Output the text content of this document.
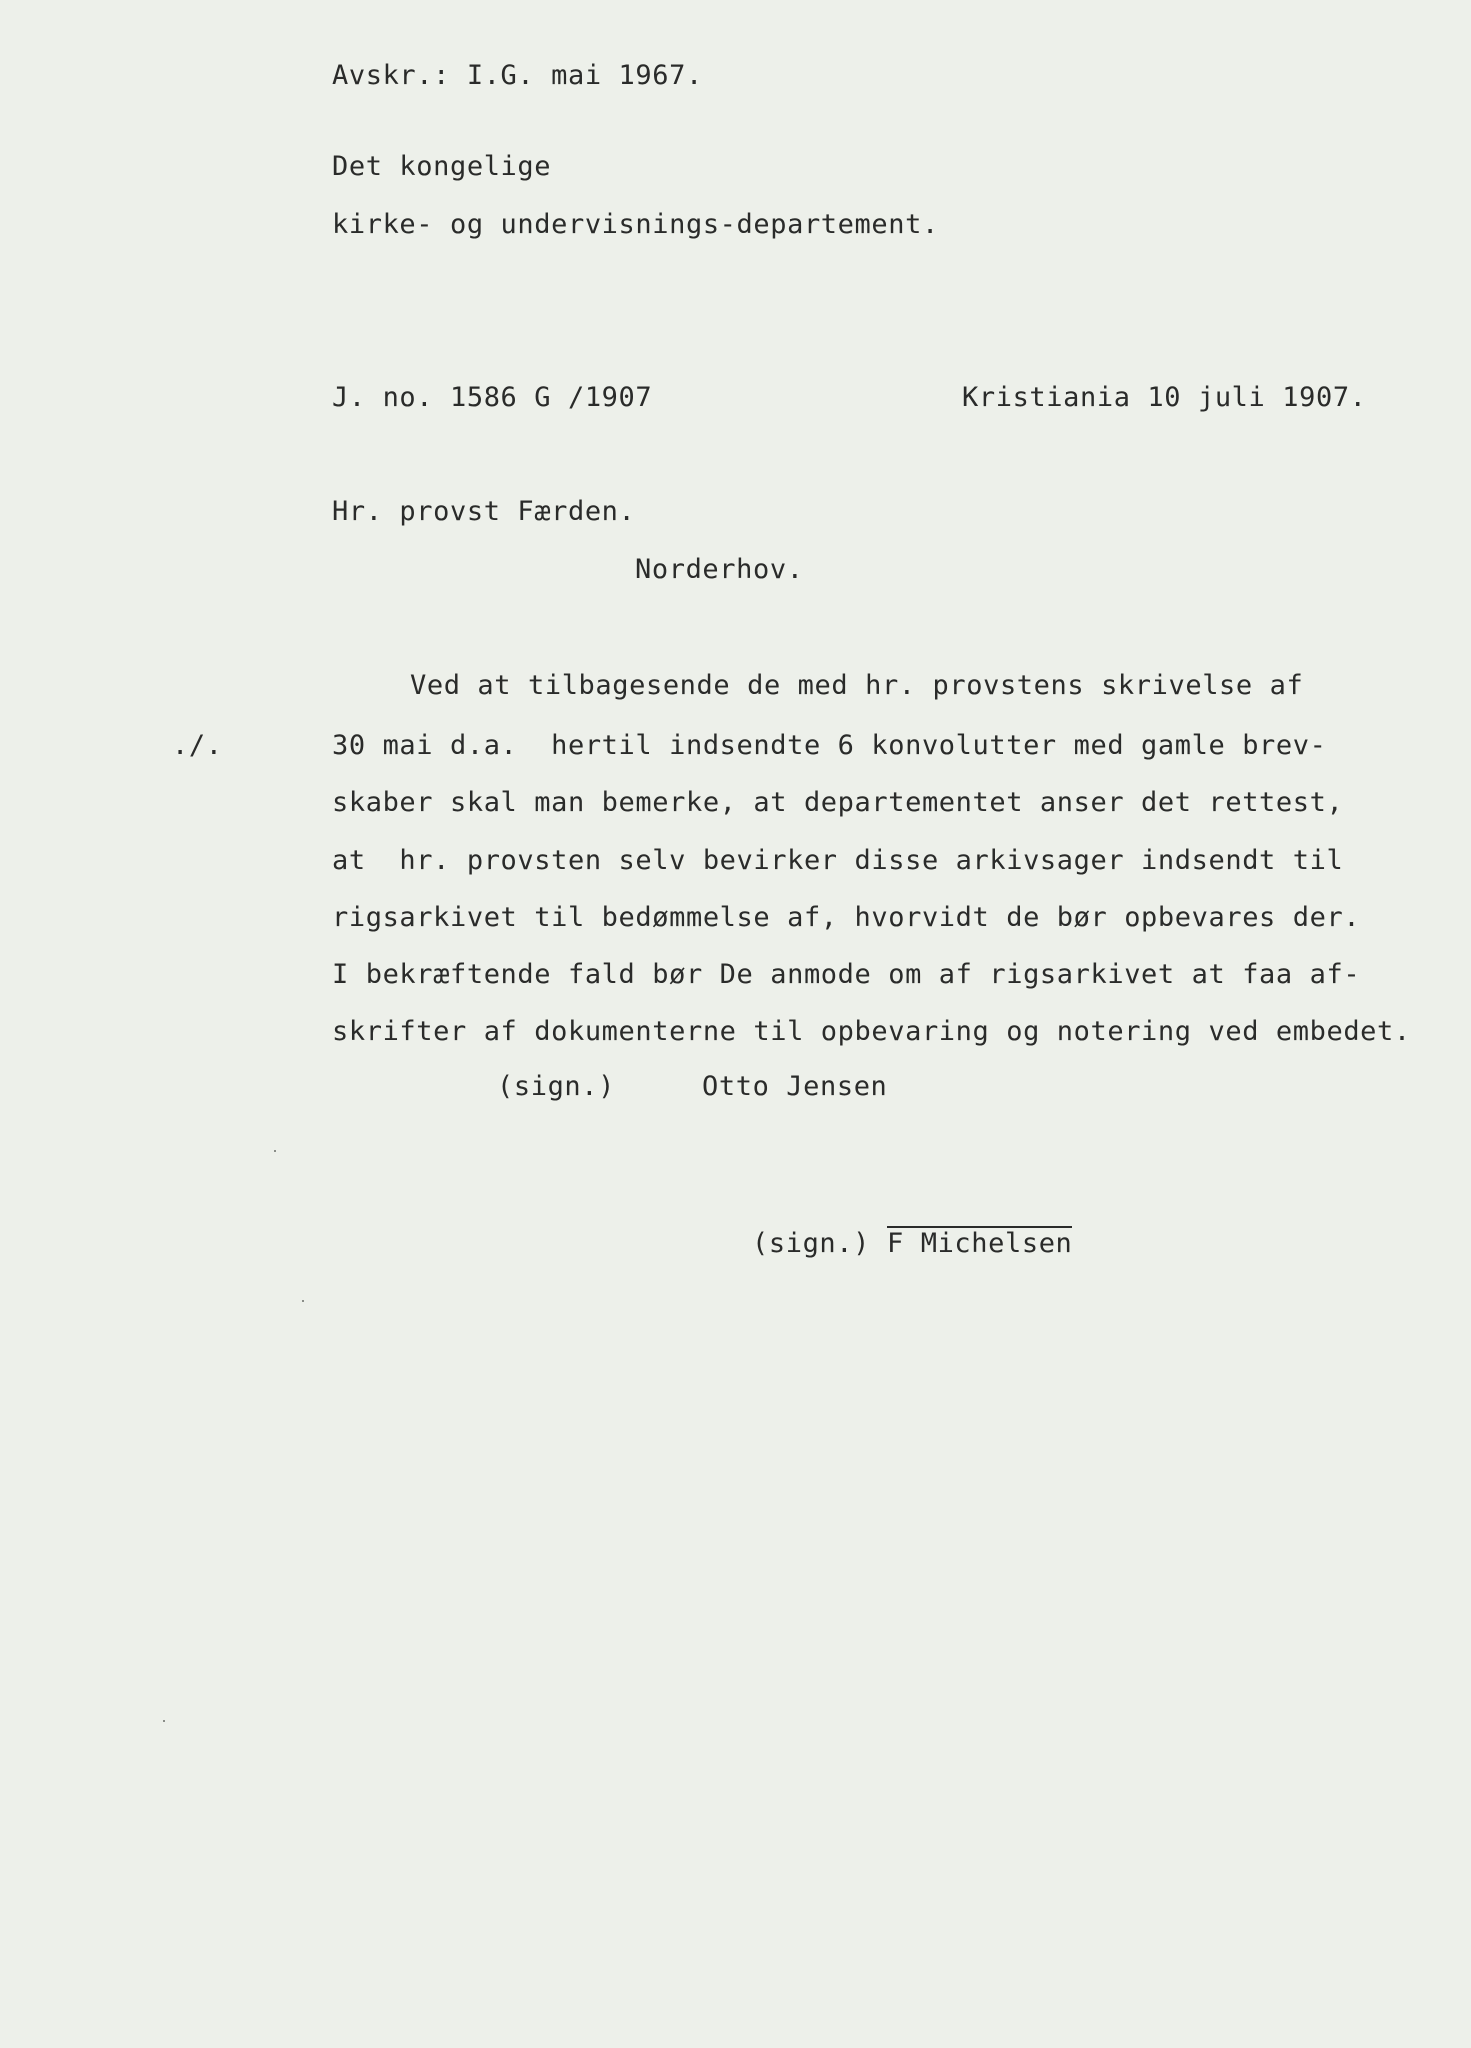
Avskr.: I.G. mai 1967.
Det kongelige
kirke- og undervisnings-departement.
J. no. 1586 G /1907	Kristiania 10 juli 1907.
Hr. provst Færden.
Norderhov.
./.
Ved at tilbagesende de med hr. provstens skrivelse af
30 mai d.a.  hertil indsendte 6 konvolutter med gamle brev-
skaber skal man bemerke, at departementet anser det rettest,
at  hr. provsten selv bevirker disse arkivsager indsendt til
rigsarkivet til bedømmelse af, hvorvidt de bør opbevares der.
I bekræftende fald bør De anmode om af rigsarkivet at faa af-
skrifter af dokumenterne til opbevaring og notering ved embedet.
(sign.)	Otto Jensen
(sign.) F Michelsen
